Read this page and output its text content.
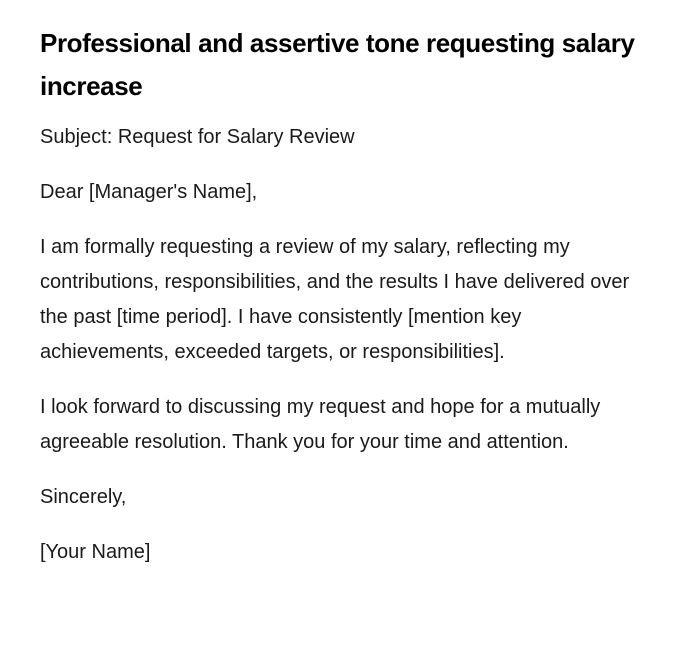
Professional and assertive tone requesting salary increase

Subject: Request for Salary Review

Dear [Manager's Name],

I am formally requesting a review of my salary, reflecting my contributions, responsibilities, and the results I have delivered over the past [time period]. I have consistently [mention key achievements, exceeded targets, or responsibilities].

I look forward to discussing my request and hope for a mutually agreeable resolution. Thank you for your time and attention.

Sincerely,

[Your Name]
